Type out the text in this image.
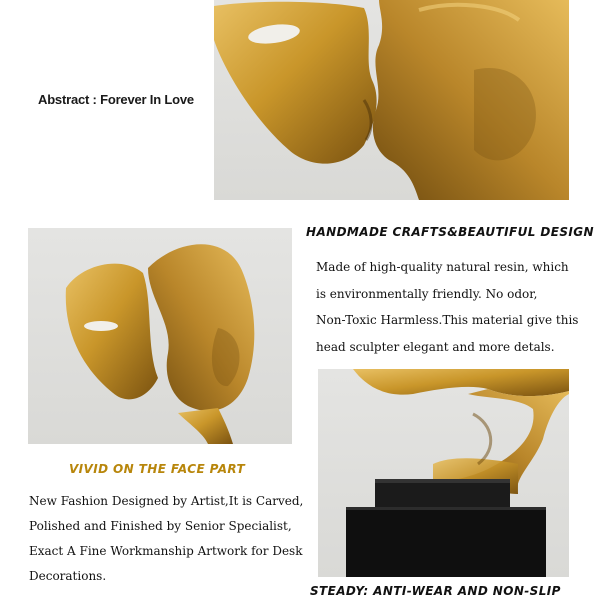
Abstract : Forever In Love
HANDMADE CRAFTS&BEAUTIFUL DESIGN

Made of high-quality natural resin, which
is environmentally friendly. No odor,
Non-Toxic Harmless.This material give this
head sculpter elegant and more detals.

VIVID ON THE FACE PART

New Fashion Designed by Artist,It is Carved,
Polished and Finished by Senior Specialist,
Exact A Fine Workmanship Artwork for Desk
Decorations.

STEADY: ANTI-WEAR AND NON-SLIP
